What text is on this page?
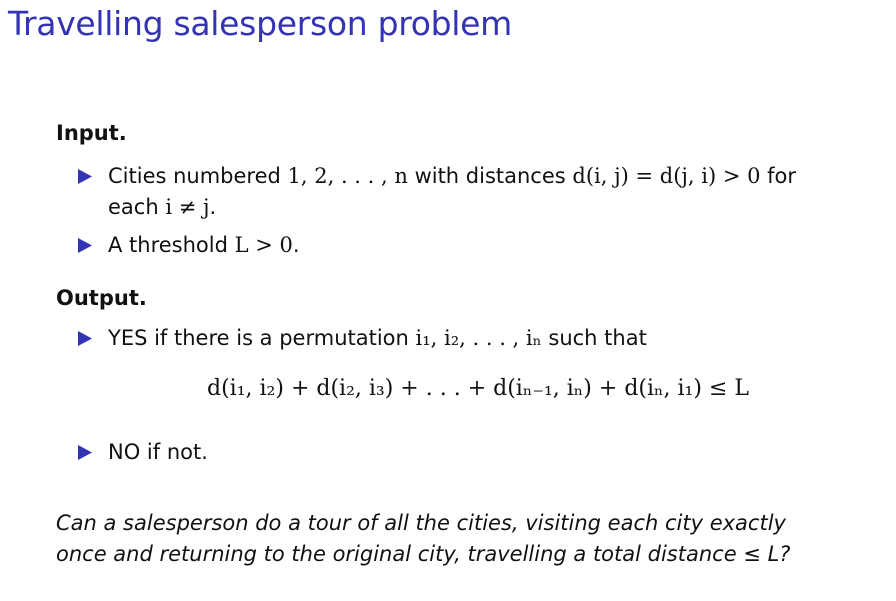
Travelling salesperson problem
Input.
Cities numbered 1, 2, . . . , n with distances d(i, j) = d(j, i) > 0 for
each i ≠ j.
A threshold L > 0.
Output.
YES if there is a permutation i₁, i₂, . . . , iₙ such that
d(i₁, i₂) + d(i₂, i₃) + . . . + d(iₙ₋₁, iₙ) + d(iₙ, i₁) ≤ L
NO if not.
Can a salesperson do a tour of all the cities, visiting each city exactly
once and returning to the original city, travelling a total distance ≤ L?
